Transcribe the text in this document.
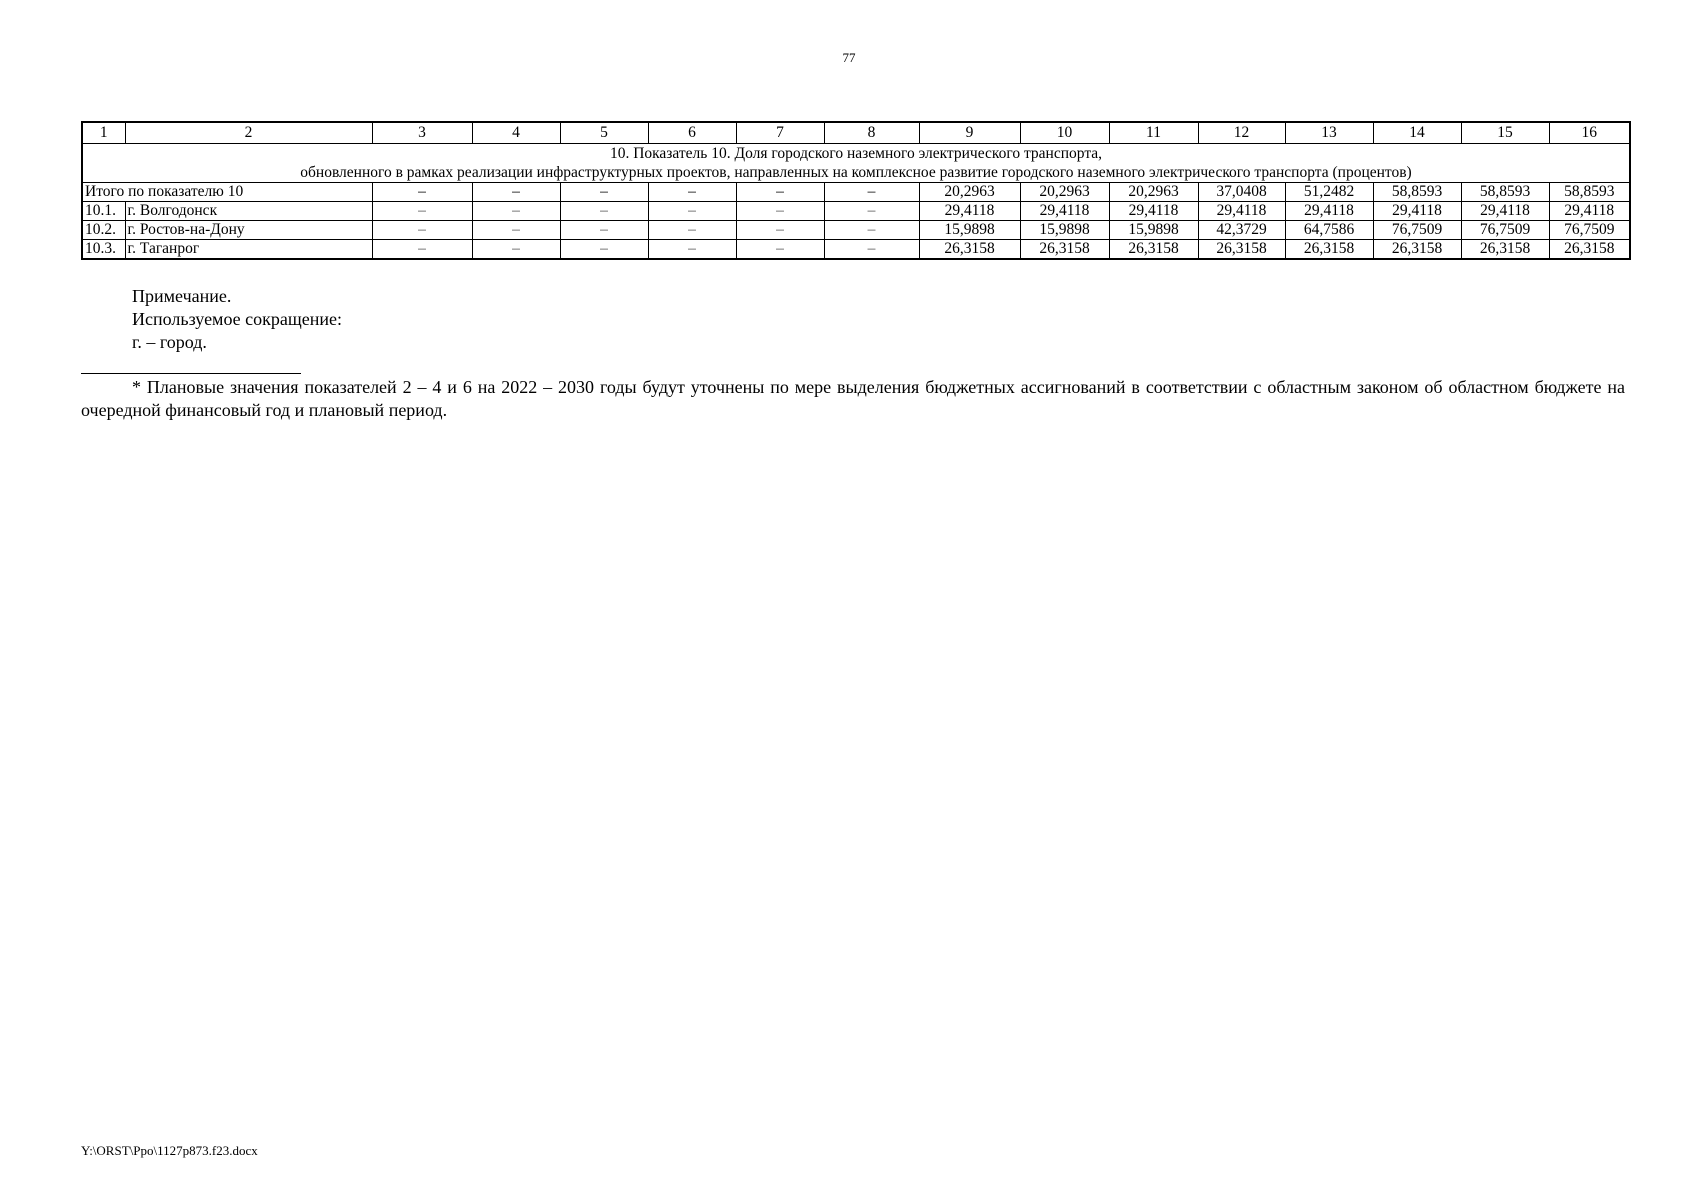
77
1	2	3	4	5	6	7	8	9	10	11	12	13	14	15	16

10. Показатель 10. Доля городского наземного электрического транспорта,
обновленного в рамках реализации инфраструктурных проектов, направленных на комплексное развитие городского наземного электрического транспорта (процентов)															

Итого по показателю 10		–	–	–	–	–	–	20,2963	20,2963	20,2963	37,0408	51,2482	58,8593	58,8593	58,8593
10.1.	г. Волгодонск	–	–	–	–	–	–	29,4118	29,4118	29,4118	29,4118	29,4118	29,4118	29,4118	29,4118
10.2.	г. Ростов-на-Дону	–	–	–	–	–	–	15,9898	15,9898	15,9898	42,3729	64,7586	76,7509	76,7509	76,7509
10.3.	г. Таганрог	–	–	–	–	–	–	26,3158	26,3158	26,3158	26,3158	26,3158	26,3158	26,3158	26,3158
Примечание.
Используемое сокращение:
г. – город.
* Плановые значения показателей 2 – 4 и 6 на 2022 – 2030 годы будут уточнены по мере выделения бюджетных ассигнований в соответствии с областным законом об областном бюджете на очередной финансовый год и плановый период.
Y:\ORST\Ppo\1127p873.f23.docx
